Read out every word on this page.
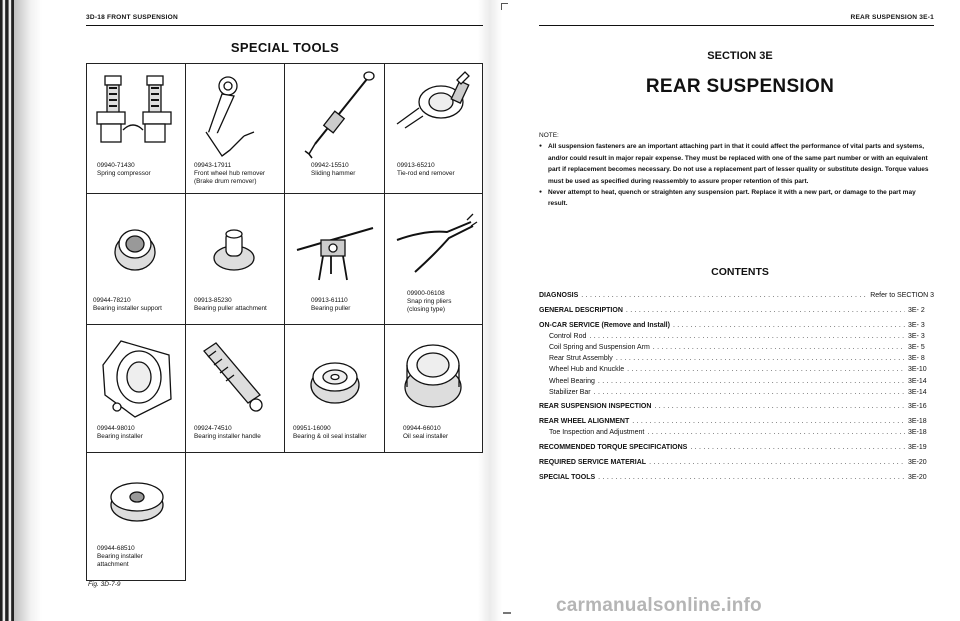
3D-18 FRONT SUSPENSION
SPECIAL TOOLS
09940-71430
Spring compressor
09943-17911
Front wheel hub remover
(Brake drum remover)
09942-15510
Sliding hammer
09913-65210
Tie-rod end remover
09944-78210
Bearing installer support
09913-85230
Bearing puller attachment
09913-61110
Bearing puller
09900-06108
Snap ring pliers
(closing type)
09944-98010
Bearing installer
09924-74510
Bearing installer handle
09951-16090
Bearing & oil seal installer
09944-66010
Oil seal installer
09944-68510
Bearing installer
attachment
Fig. 3D-7-9
REAR SUSPENSION 3E-1
SECTION 3E
REAR SUSPENSION
NOTE:
● All suspension fasteners are an important attaching part in that it could affect the performance of vital parts and systems, and/or could result in major repair expense. They must be replaced with one of the same part number or with an equivalent part if replacement becomes necessary. Do not use a replacement part of lesser quality or substitute design. Torque values must be used as specified during reassembly to assure proper retention of this part.
● Never attempt to heat, quench or straighten any suspension part. Replace it with a new part, or damage to the part may result.
CONTENTS
DIAGNOSIS .....	Refer to SECTION 3
GENERAL DESCRIPTION .....	3E- 2
ON-CAR SERVICE (Remove and Install) .....	3E- 3
Control Rod .....	3E- 3
Coil Spring and Suspension Arm .....	3E- 5
Rear Strut Assembly .....	3E- 8
Wheel Hub and Knuckle .....	3E-10
Wheel Bearing .....	3E-14
Stabilizer Bar .....	3E-14
REAR SUSPENSION INSPECTION .....	3E-16
REAR WHEEL ALIGNMENT .....	3E-18
Toe Inspection and Adjustment .....	3E-18
RECOMMENDED TORQUE SPECIFICATIONS .....	3E-19
REQUIRED SERVICE MATERIAL .....	3E-20
SPECIAL TOOLS .....	3E-20
carmanualsonline.info
